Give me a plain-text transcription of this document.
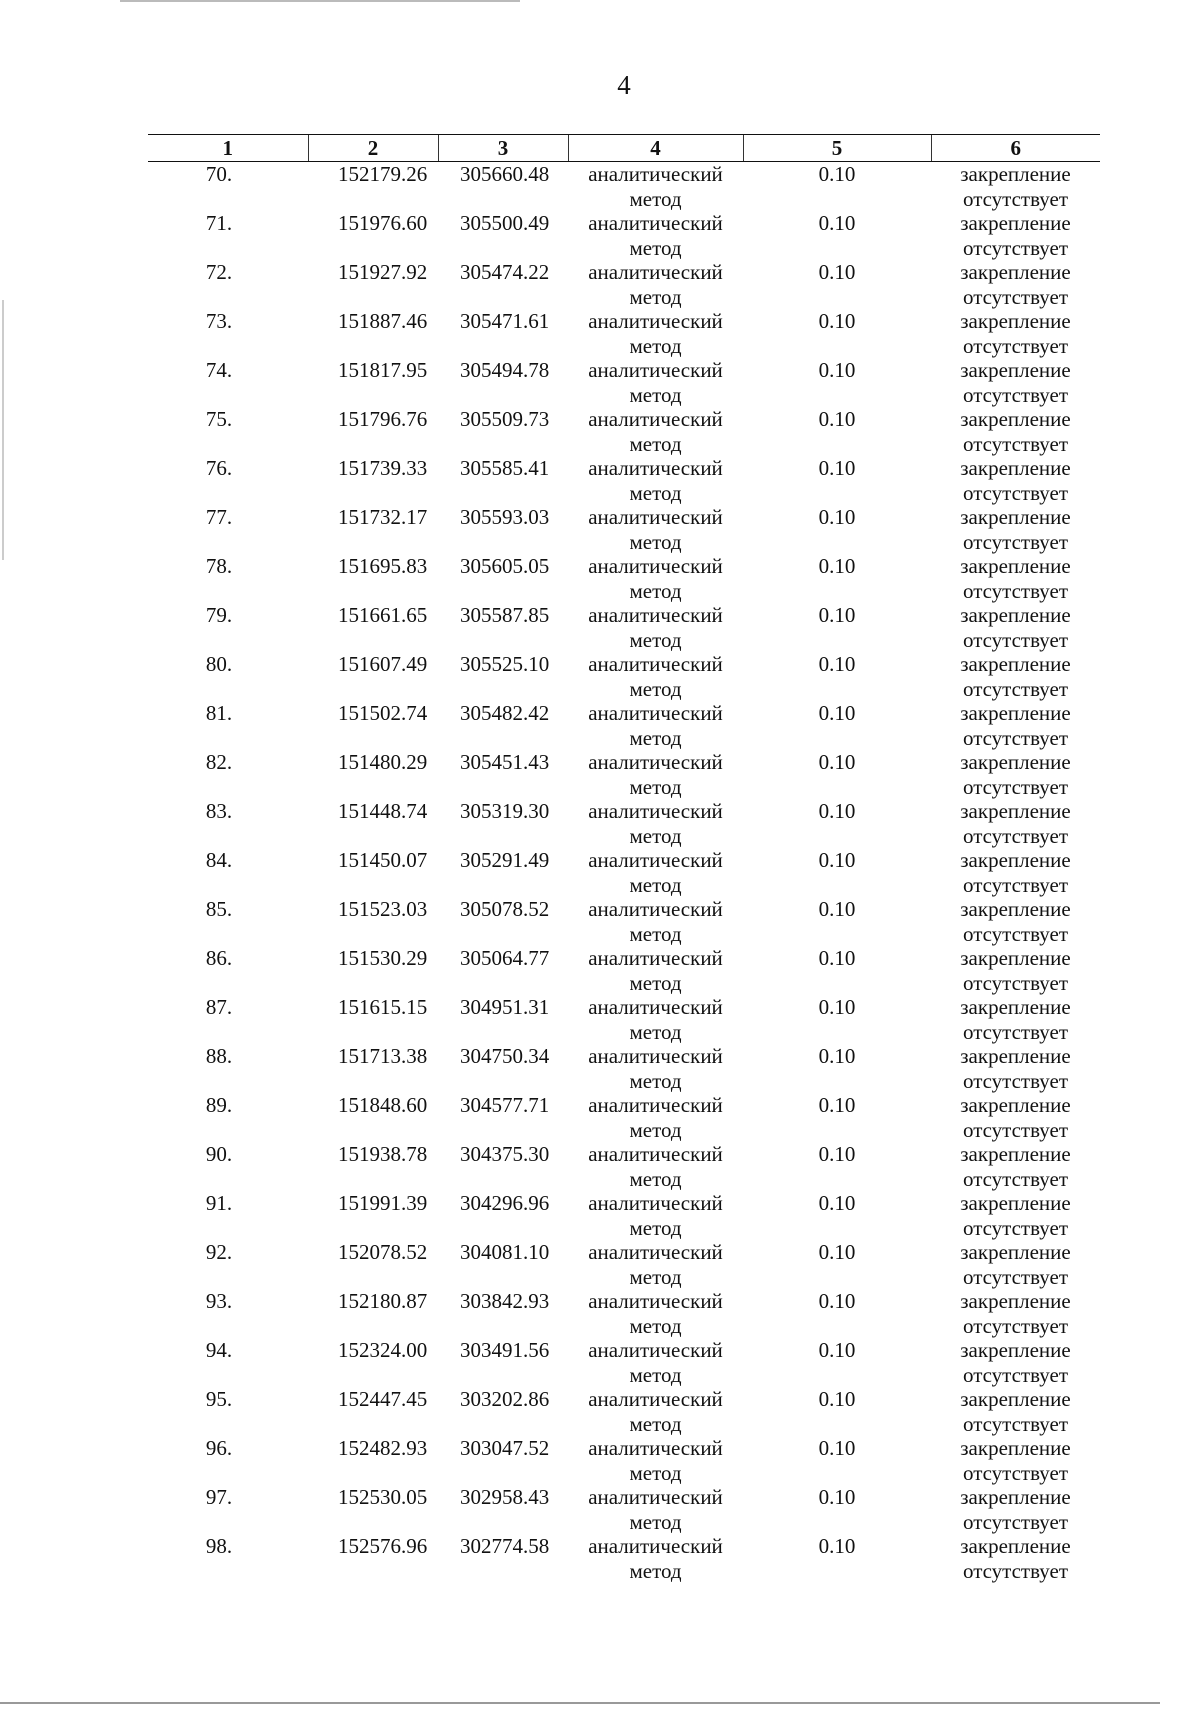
4
1	2	3	4	5	6
70.	152179.26	305660.48	аналитический
метод	0.10	закрепление
отсутствует

71.	151976.60	305500.49	аналитический
метод	0.10	закрепление
отсутствует

72.	151927.92	305474.22	аналитический
метод	0.10	закрепление
отсутствует

73.	151887.46	305471.61	аналитический
метод	0.10	закрепление
отсутствует

74.	151817.95	305494.78	аналитический
метод	0.10	закрепление
отсутствует

75.	151796.76	305509.73	аналитический
метод	0.10	закрепление
отсутствует

76.	151739.33	305585.41	аналитический
метод	0.10	закрепление
отсутствует

77.	151732.17	305593.03	аналитический
метод	0.10	закрепление
отсутствует

78.	151695.83	305605.05	аналитический
метод	0.10	закрепление
отсутствует

79.	151661.65	305587.85	аналитический
метод	0.10	закрепление
отсутствует

80.	151607.49	305525.10	аналитический
метод	0.10	закрепление
отсутствует

81.	151502.74	305482.42	аналитический
метод	0.10	закрепление
отсутствует

82.	151480.29	305451.43	аналитический
метод	0.10	закрепление
отсутствует

83.	151448.74	305319.30	аналитический
метод	0.10	закрепление
отсутствует

84.	151450.07	305291.49	аналитический
метод	0.10	закрепление
отсутствует

85.	151523.03	305078.52	аналитический
метод	0.10	закрепление
отсутствует

86.	151530.29	305064.77	аналитический
метод	0.10	закрепление
отсутствует

87.	151615.15	304951.31	аналитический
метод	0.10	закрепление
отсутствует

88.	151713.38	304750.34	аналитический
метод	0.10	закрепление
отсутствует

89.	151848.60	304577.71	аналитический
метод	0.10	закрепление
отсутствует

90.	151938.78	304375.30	аналитический
метод	0.10	закрепление
отсутствует

91.	151991.39	304296.96	аналитический
метод	0.10	закрепление
отсутствует

92.	152078.52	304081.10	аналитический
метод	0.10	закрепление
отсутствует

93.	152180.87	303842.93	аналитический
метод	0.10	закрепление
отсутствует

94.	152324.00	303491.56	аналитический
метод	0.10	закрепление
отсутствует

95.	152447.45	303202.86	аналитический
метод	0.10	закрепление
отсутствует

96.	152482.93	303047.52	аналитический
метод	0.10	закрепление
отсутствует

97.	152530.05	302958.43	аналитический
метод	0.10	закрепление
отсутствует

98.	152576.96	302774.58	аналитический
метод	0.10	закрепление
отсутствует
